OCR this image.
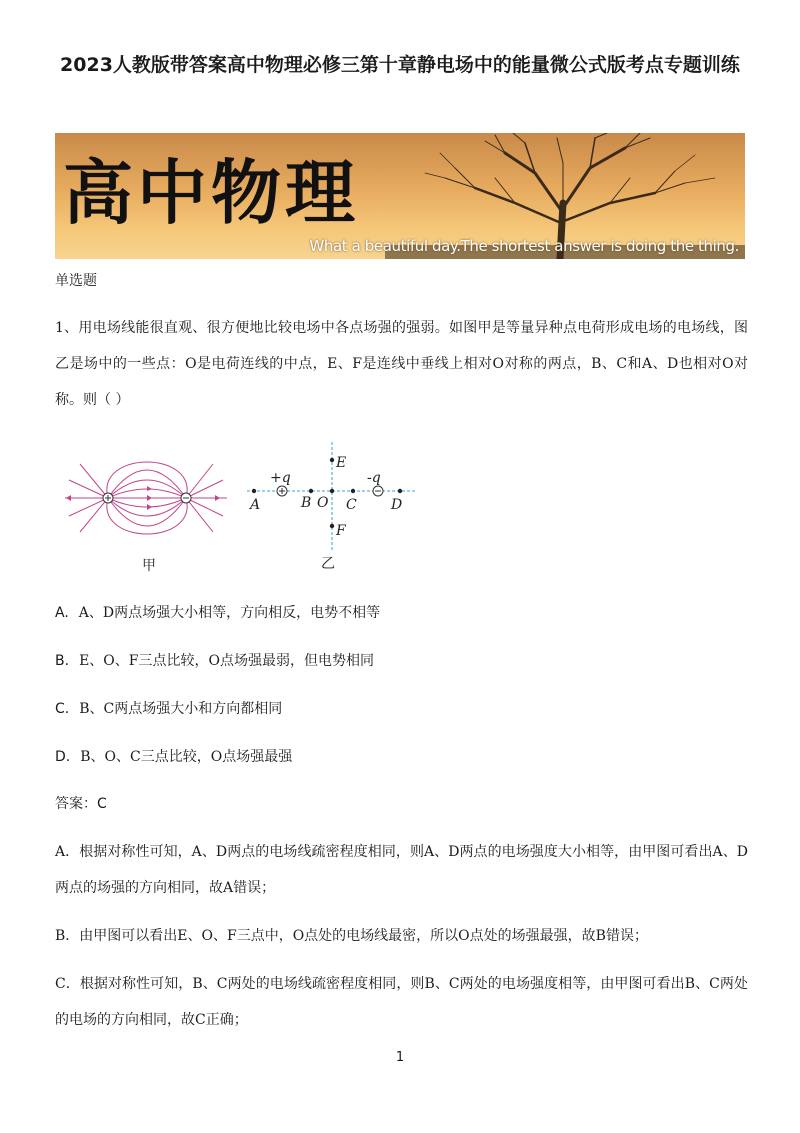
2023人教版带答案高中物理必修三第十章静电场中的能量微公式版考点专题训练
高中物理
What a beautiful day.The shortest answer is doing the thing.
单选题
1、用电场线能很直观、很方便地比较电场中各点场强的强弱。如图甲是等量异种点电荷形成电场的电场线，图乙是场中的一些点：O是电荷连线的中点，E、F是连线中垂线上相对O对称的两点，B、C和A、D也相对O对称。则（ ）
甲
+q	-q
A	B O C D
E
F
乙
A. A、D两点场强大小相等，方向相反，电势不相等
B. E、O、F三点比较，O点场强最弱，但电势相同
C. B、C两点场强大小和方向都相同
D. B、O、C三点比较，O点场强最强
答案：C
A．根据对称性可知，A、D两点的电场线疏密程度相同，则A、D两点的电场强度大小相等，由甲图可看出A、D两点的场强的方向相同，故A错误；
B．由甲图可以看出E、O、F三点中，O点处的电场线最密，所以O点处的场强最强，故B错误；
C．根据对称性可知，B、C两处的电场线疏密程度相同，则B、C两处的电场强度相等，由甲图可看出B、C两处的电场的方向相同，故C正确；
1
